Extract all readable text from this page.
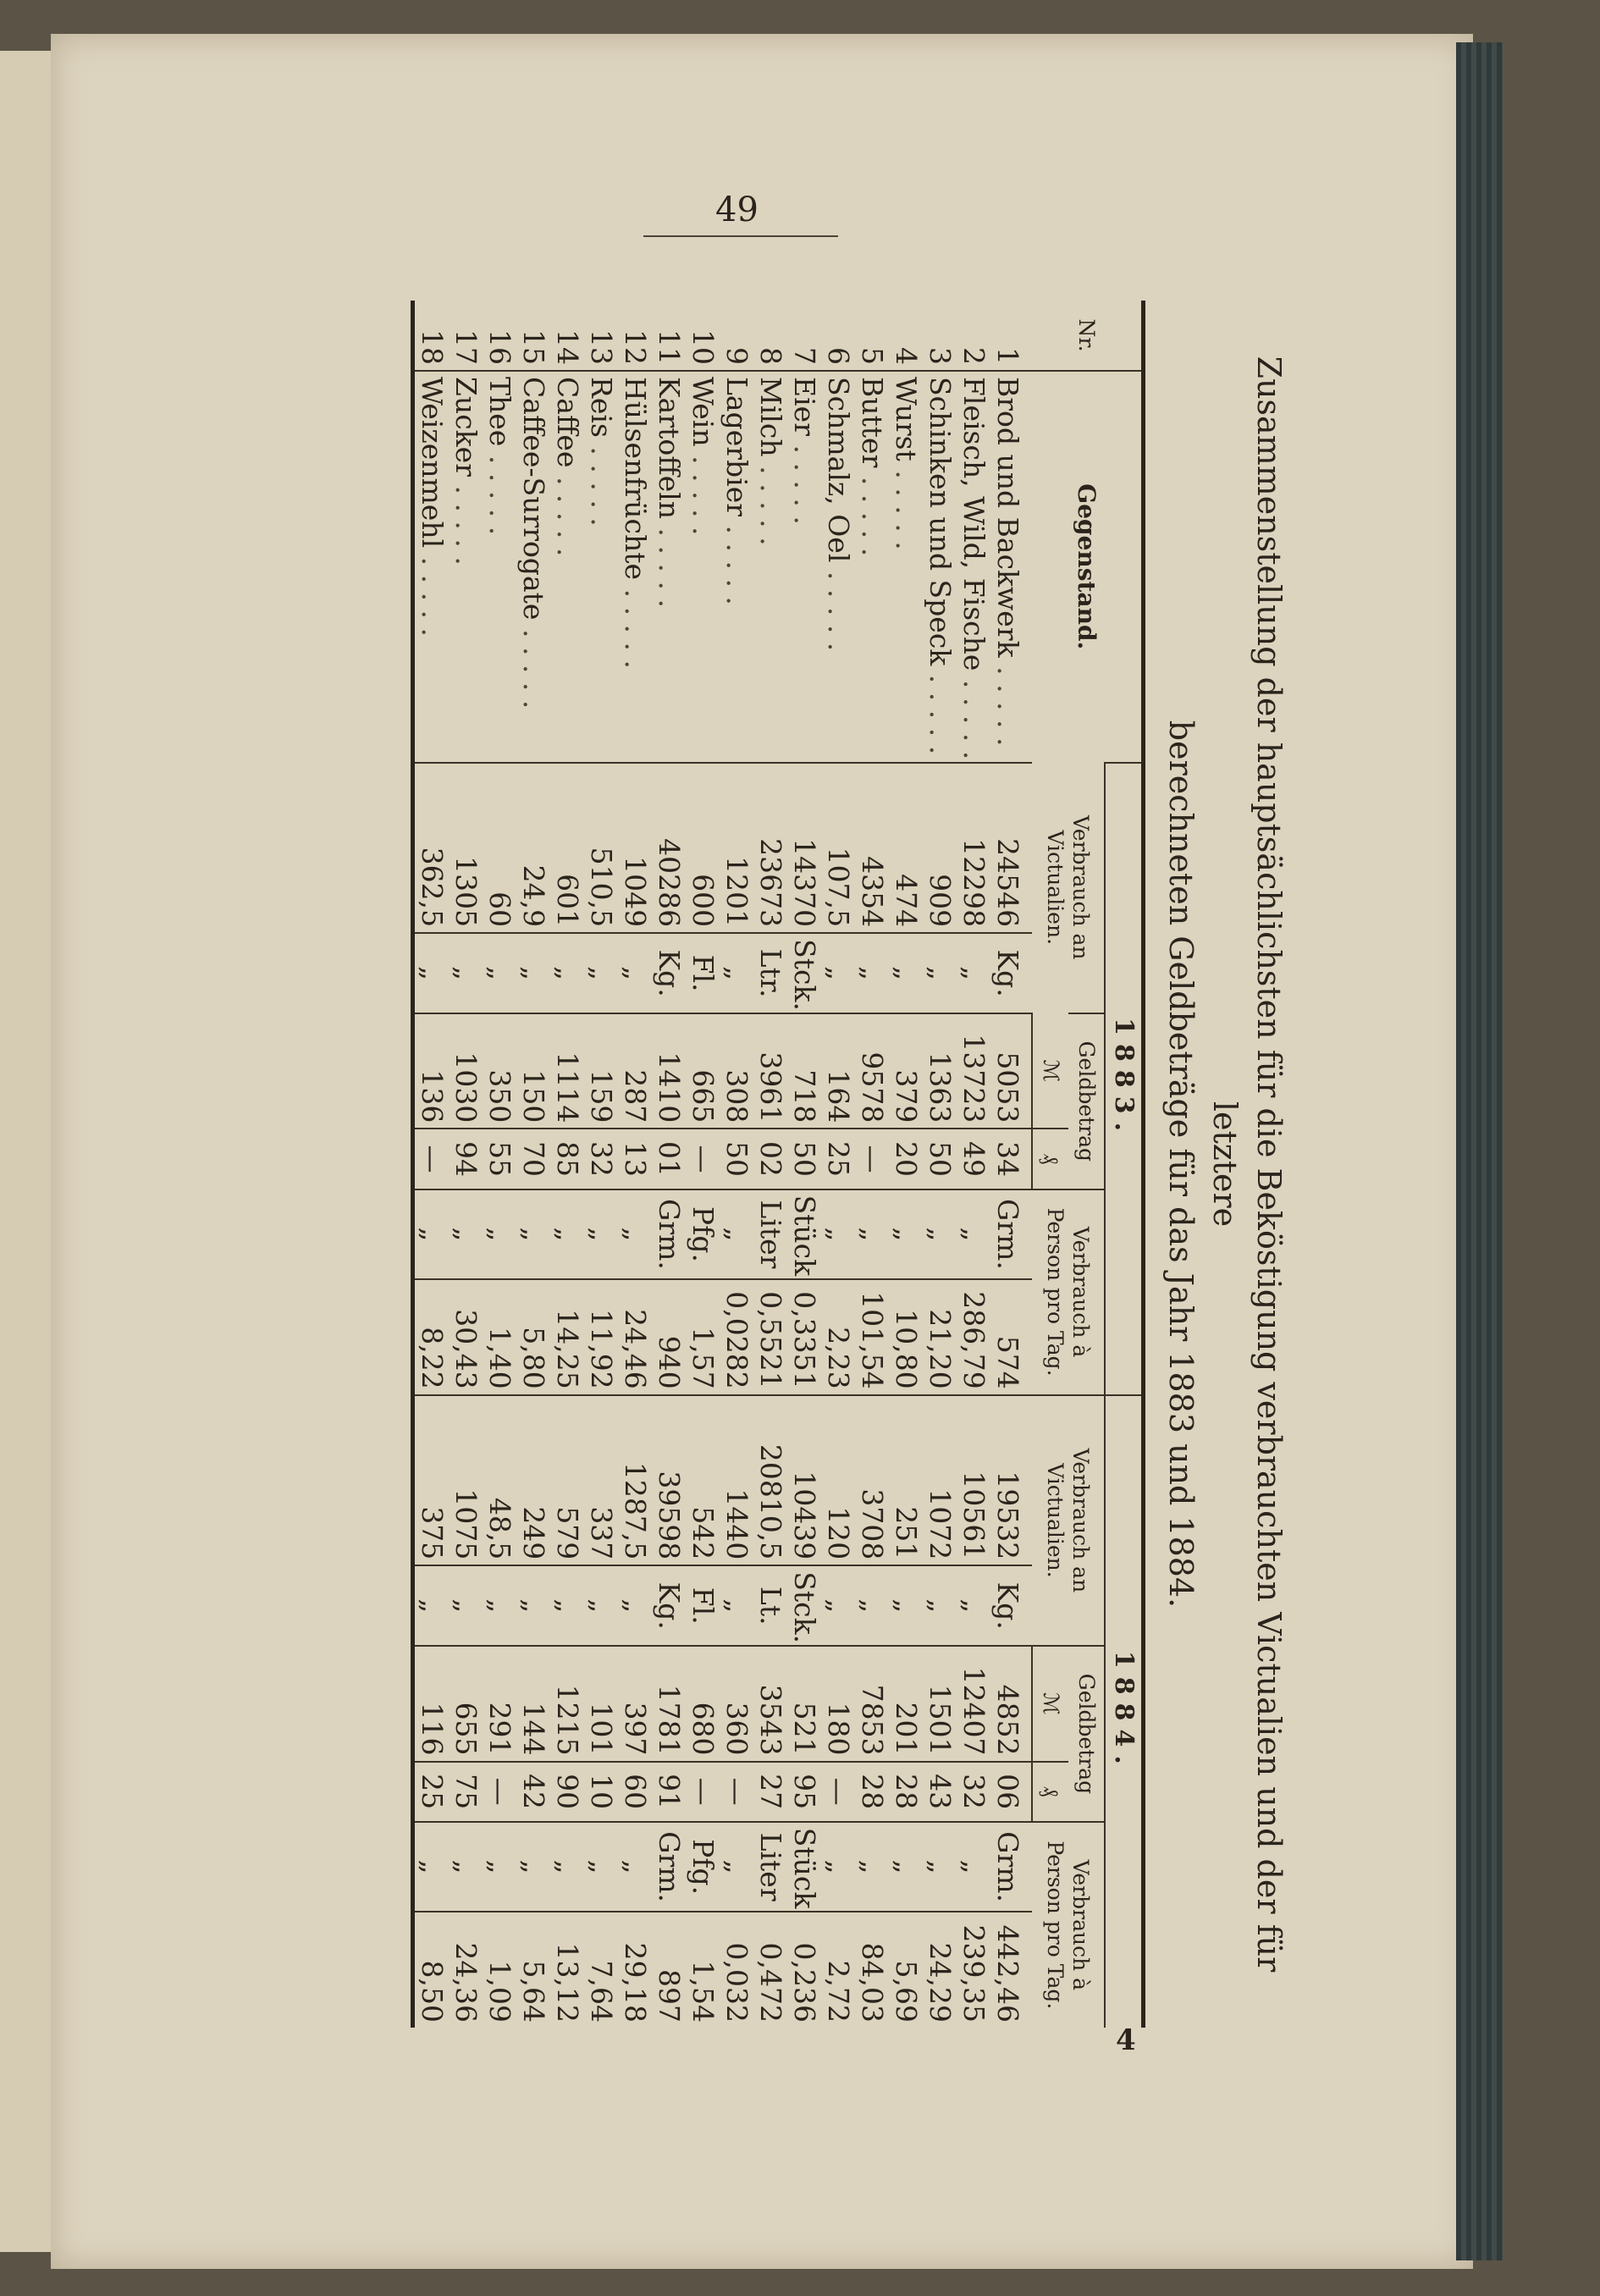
49
4
Zusammenstellung der hauptsächlichsten für die Beköstigung verbrauchten Victualien und der für letztere
berechneten Geldbeträge für das Jahr 1883 und 1884.
Nr.	Gegenstand.	1883.						1884.					
		Verbrauch an Victualien.		Geldbetrag		Verbrauch à Person pro Tag.		Verbrauch an Victualien.		Geldbetrag		Verbrauch à Person pro Tag.	
				ℳ	₰					ℳ	₰		
1	Brod und Backwerk . . . . .	24546	Kg.	5053	34	Grm.	574	19532	Kg.	4852	06	Grm.	442,46
2	Fleisch, Wild, Fische . . . . .	12298	„	13723	49	„	286,79	10561	„	12407	32	„	239,35
3	Schinken und Speck . . . . .	909	„	1363	50	„	21,20	1072	„	1501	43	„	24,29
4	Wurst . . . . .	474	„	379	20	„	10,80	251	„	201	28	„	5,69
5	Butter . . . . .	4354	„	9578	—	„	101,54	3708	„	7853	28	„	84,03
6	Schmalz, Oel . . . . .	107,5	„	164	25	„	2,23	120	„	180	—	„	2,72
7	Eier . . . . .	14370	Stck.	718	50	Stück	0,3351	10439	Stck.	521	95	Stück	0,236
8	Milch . . . . .	23673	Ltr.	3961	02	Liter	0,5521	20810,5	Lt.	3543	27	Liter	0,472
9	Lagerbier . . . . .	1201	„	308	50	„	0,0282	1440	„	360	—	„	0,032
10	Wein . . . . .	600	Fl.	665	—	Pfg.	1,57	542	Fl.	680	—	Pfg.	1,54
11	Kartoffeln . . . . .	40286	Kg.	1410	01	Grm.	940	39598	Kg.	1781	91	Grm.	897
12	Hülsenfrüchte . . . . .	1049	„	287	13	„	24,46	1287,5	„	397	60	„	29,18
13	Reis . . . . .	510,5	„	159	32	„	11,92	337	„	101	10	„	7,64
14	Caffee . . . . .	601	„	1114	85	„	14,25	579	„	1215	90	„	13,12
15	Caffee-Surrogate . . . . .	24,9	„	150	70	„	5,80	249	„	144	42	„	5,64
16	Thee . . . . .	60	„	350	55	„	1,40	48,5	„	291	—	„	1,09
17	Zucker . . . . .	1305	„	1030	94	„	30,43	1075	„	655	75	„	24,36
18	Weizenmehl . . . . .	362,5	„	136	—	„	8,22	375	„	116	25	„	8,50
